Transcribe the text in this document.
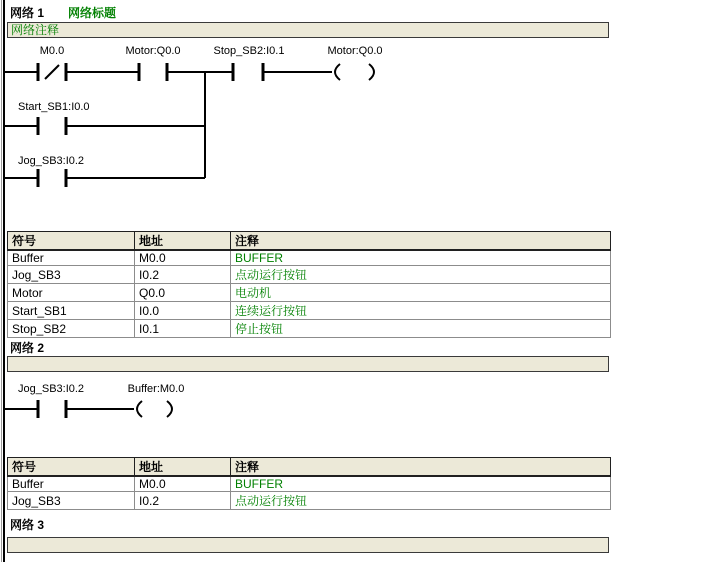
网络 1 网络标题
网络注释
M0.0	Motor:Q0.0	Stop_SB2:I0.1	Motor:Q0.0
Start_SB1:I0.0
Jog_SB3:I0.2
符号	地址	注释
Buffer	M0.0	BUFFER
Jog_SB3	I0.2	点动运行按钮
Motor	Q0.0	电动机
Start_SB1	I0.0	连续运行按钮
Stop_SB2	I0.1	停止按钮
网络 2
Jog_SB3:I0.2	Buffer:M0.0
符号	地址	注释
Buffer	M0.0	BUFFER
Jog_SB3	I0.2	点动运行按钮
网络 3
